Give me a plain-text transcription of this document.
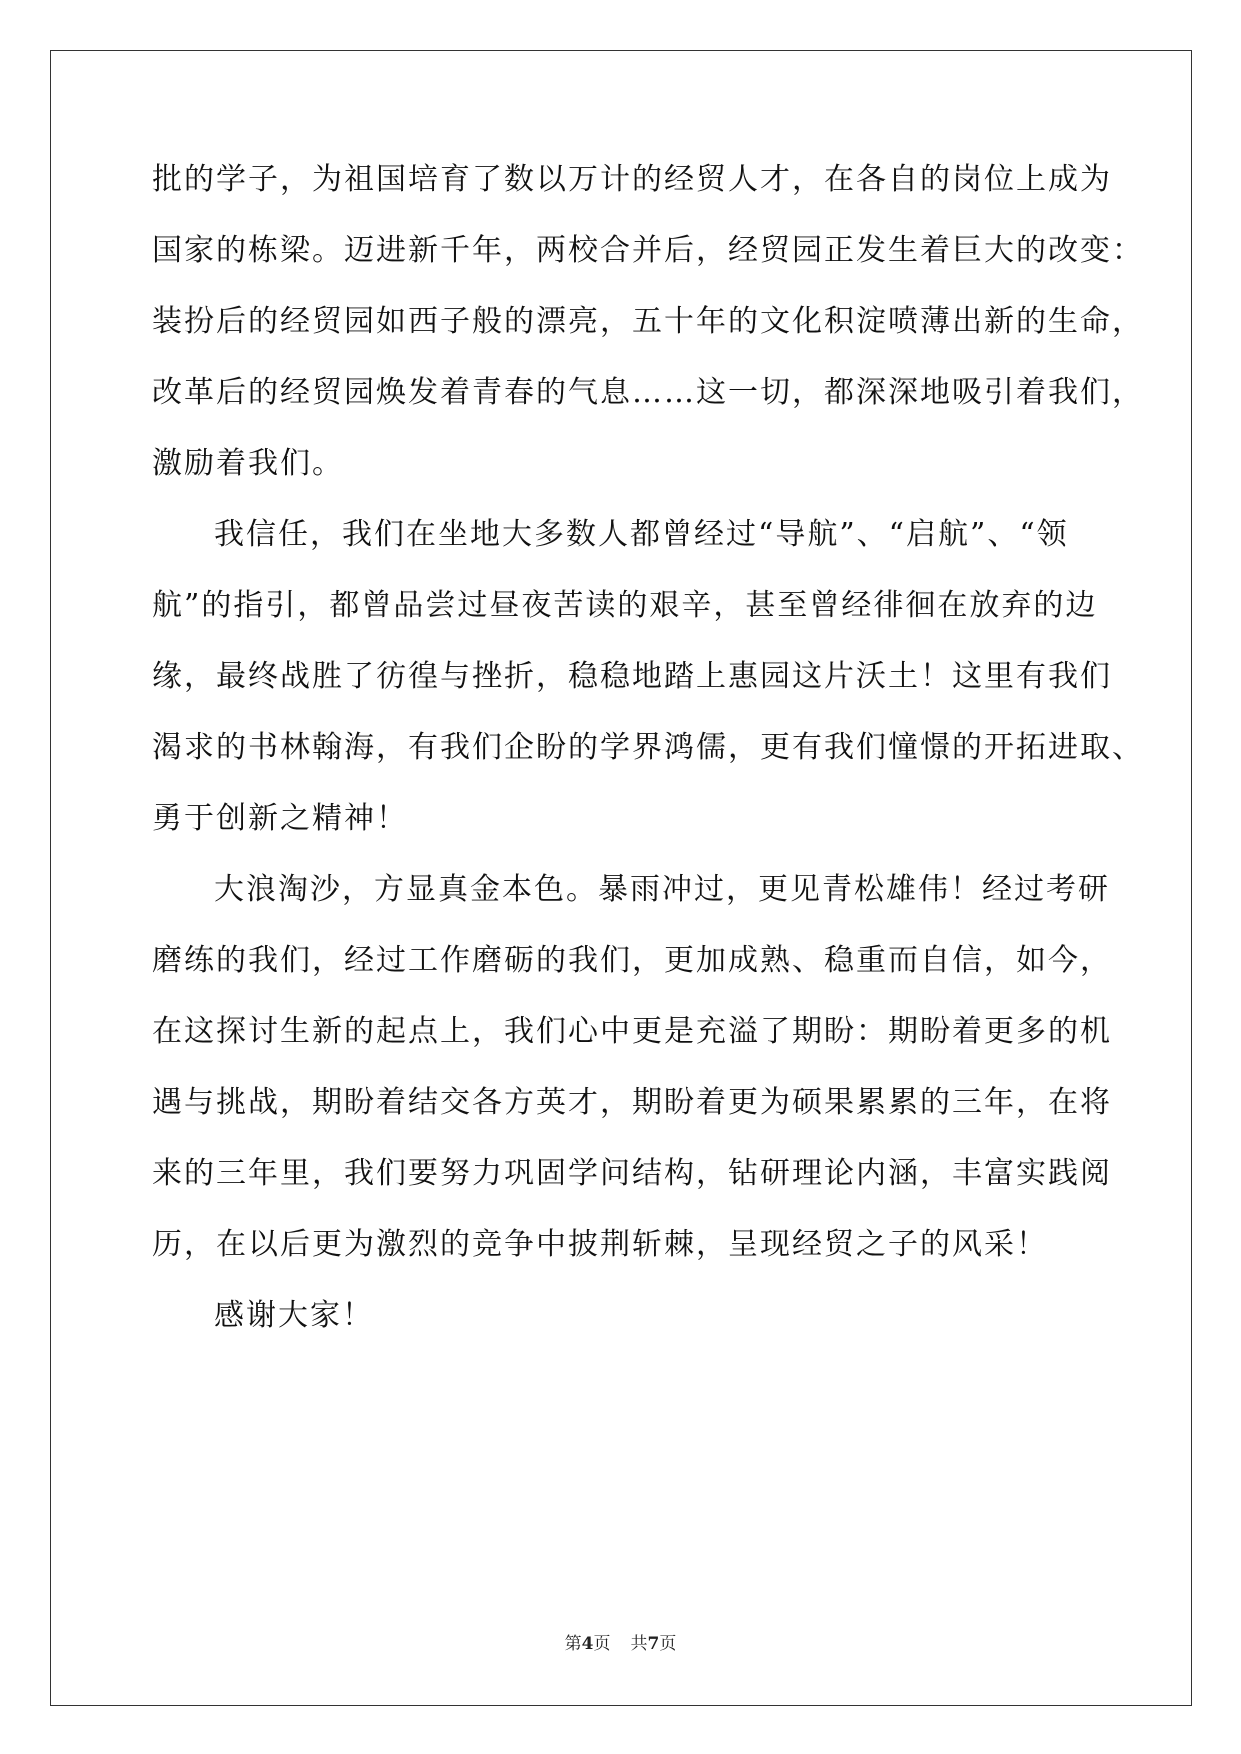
批的学子，为祖国培育了数以万计的经贸人才，在各自的岗位上成为
国家的栋梁。迈进新千年，两校合并后，经贸园正发生着巨大的改变：
装扮后的经贸园如西子般的漂亮，五十年的文化积淀喷薄出新的生命，
改革后的经贸园焕发着青春的气息……这一切，都深深地吸引着我们，
激励着我们。
我信任，我们在坐地大多数人都曾经过“导航”、“启航”、“领
航”的指引，都曾品尝过昼夜苦读的艰辛，甚至曾经徘徊在放弃的边
缘，最终战胜了彷徨与挫折，稳稳地踏上惠园这片沃土！这里有我们
渴求的书林翰海，有我们企盼的学界鸿儒，更有我们憧憬的开拓进取、
勇于创新之精神！
大浪淘沙，方显真金本色。暴雨冲过，更见青松雄伟！经过考研
磨练的我们，经过工作磨砺的我们，更加成熟、稳重而自信，如今，
在这探讨生新的起点上，我们心中更是充溢了期盼：期盼着更多的机
遇与挑战，期盼着结交各方英才，期盼着更为硕果累累的三年，在将
来的三年里，我们要努力巩固学问结构，钻研理论内涵，丰富实践阅
历，在以后更为激烈的竞争中披荆斩棘，呈现经贸之子的风采！
感谢大家！
第4页 共7页
